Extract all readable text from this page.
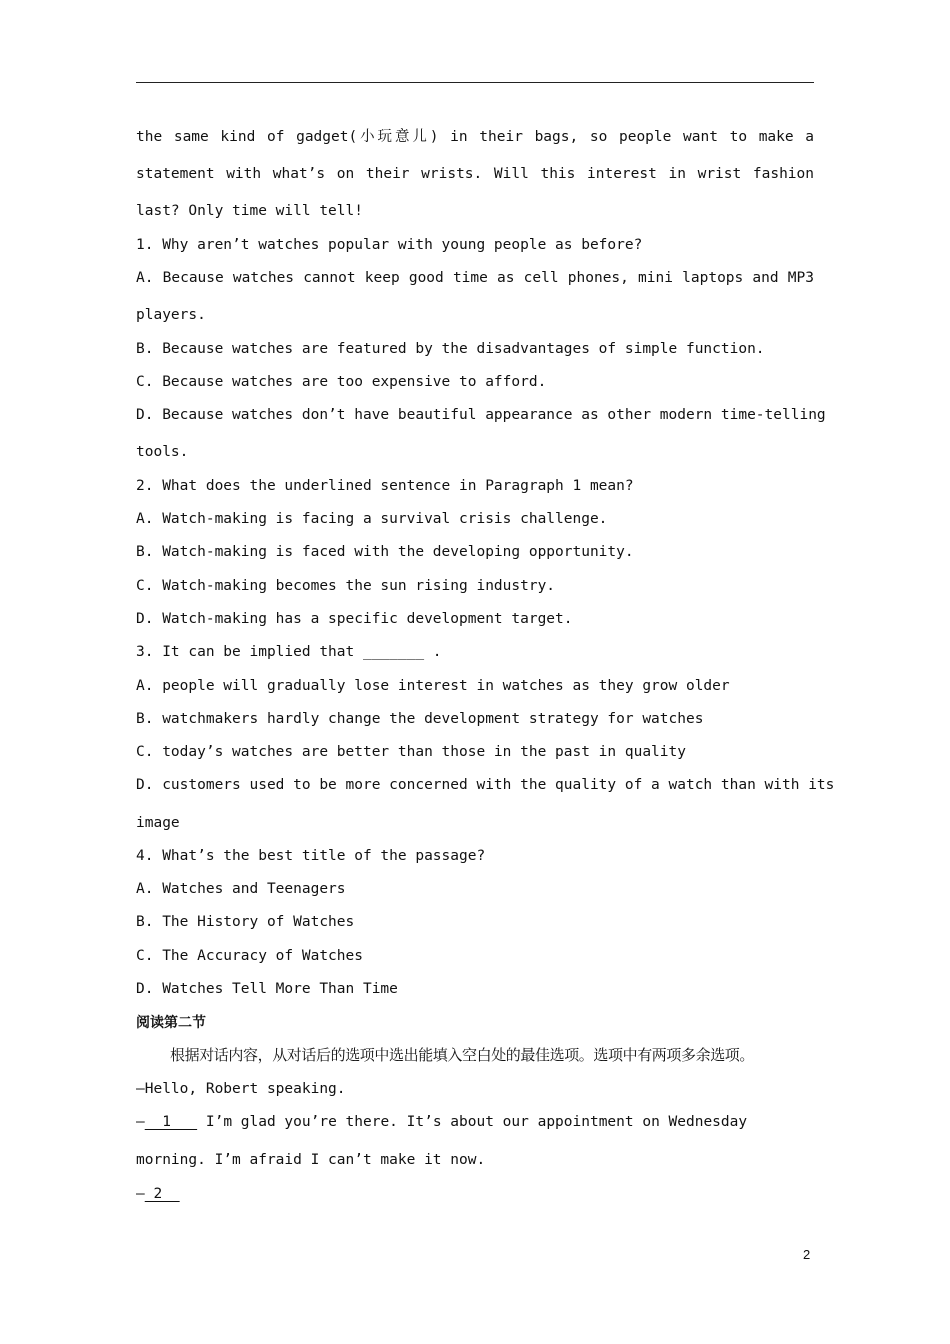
the same kind of gadget(小玩意儿) in their bags, so people want to make a
statement with what’s on their wrists. Will this interest in wrist fashion
last? Only time will tell!
1. Why aren’t watches popular with young people as before?
A. Because watches cannot keep good time as cell phones, mini laptops and MP3
players.
B. Because watches are featured by the disadvantages of simple function.
C. Because watches are too expensive to afford.
D. Because watches don’t have beautiful appearance as other modern time-telling
tools.
2. What does the underlined sentence in Paragraph 1 mean?
A. Watch-making is facing a survival crisis challenge.
B. Watch-making is faced with the developing opportunity.
C. Watch-making becomes the sun rising industry.
D. Watch-making has a specific development target.
3. It can be implied that _______ .
A. people will gradually lose interest in watches as they grow older
B. watchmakers hardly change the development strategy for watches
C. today’s watches are better than those in the past in quality
D. customers used to be more concerned with the quality of a watch than with its
image
4. What’s the best title of the passage?
A. Watches and Teenagers
B. The History of Watches
C. The Accuracy of Watches
D. Watches Tell More Than Time
阅读第二节
根据对话内容，从对话后的选项中选出能填入空白处的最佳选项。选项中有两项多余选项。
—Hello, Robert speaking.
—  1    I’m glad you’re there. It’s about our appointment on Wednesday
morning. I’m afraid I can’t make it now.
— 2
2
